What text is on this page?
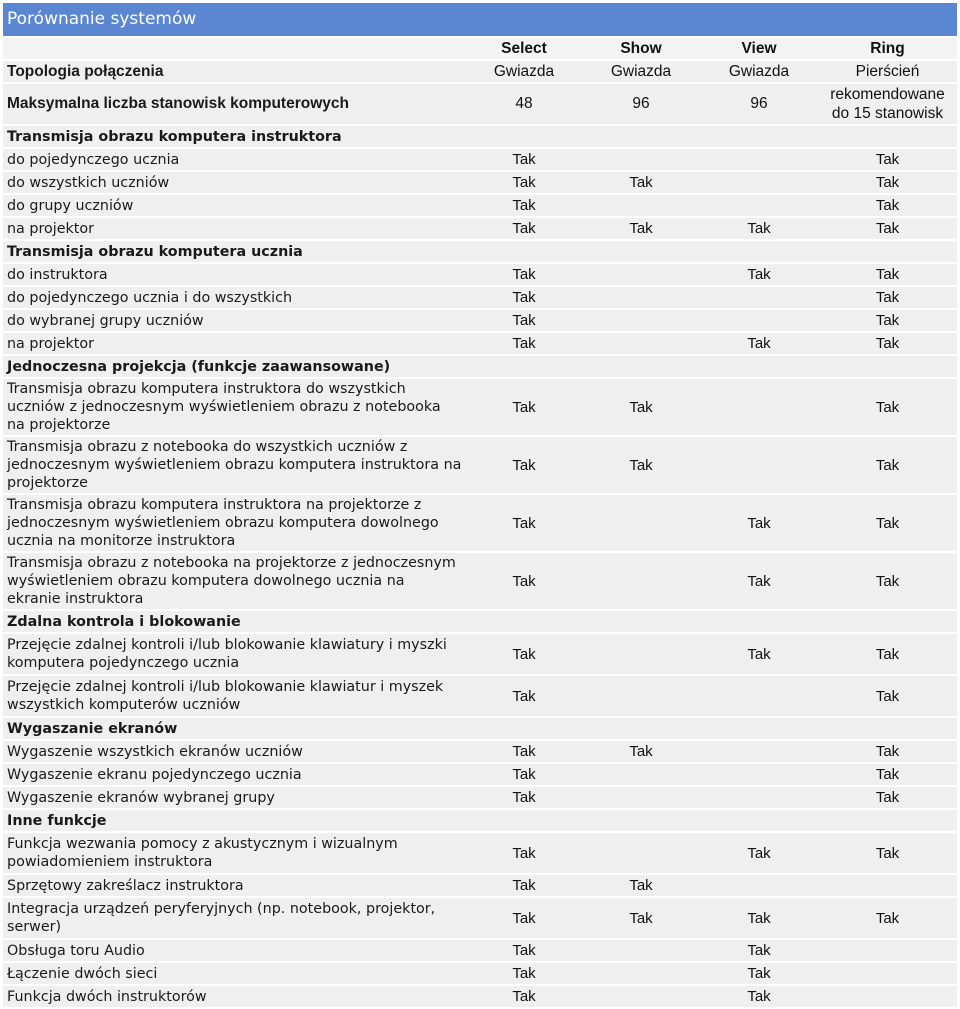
Porównanie systemów
	Select	Show	View	Ring
Topologia połączenia	Gwiazda	Gwiazda	Gwiazda	Pierścień
Maksymalna liczba stanowisk komputerowych	48	96	96	rekomendowane do 15 stanowisk
Transmisja obrazu komputera instruktora				
do pojedynczego ucznia	Tak			Tak
do wszystkich uczniów	Tak	Tak		Tak
do grupy uczniów	Tak			Tak
na projektor	Tak	Tak	Tak	Tak
Transmisja obrazu komputera ucznia				
do instruktora	Tak		Tak	Tak
do pojedynczego ucznia i do wszystkich	Tak			Tak
do wybranej grupy uczniów	Tak			Tak
na projektor	Tak		Tak	Tak
Jednoczesna projekcja (funkcje zaawansowane)				
Transmisja obrazu komputera instruktora do wszystkich uczniów z jednoczesnym wyświetleniem obrazu z notebooka na projektorze	Tak	Tak		Tak
Transmisja obrazu z notebooka do wszystkich uczniów z jednoczesnym wyświetleniem obrazu komputera instruktora na projektorze	Tak	Tak		Tak
Transmisja obrazu komputera instruktora na projektorze z jednoczesnym wyświetleniem obrazu komputera dowolnego ucznia na monitorze instruktora	Tak		Tak	Tak
Transmisja obrazu z notebooka na projektorze z jednoczesnym wyświetleniem obrazu komputera dowolnego ucznia na ekranie instruktora	Tak		Tak	Tak
Zdalna kontrola i blokowanie				
Przejęcie zdalnej kontroli i/lub blokowanie klawiatury i myszki komputera pojedynczego ucznia	Tak		Tak	Tak
Przejęcie zdalnej kontroli i/lub blokowanie klawiatur i myszek wszystkich komputerów uczniów	Tak			Tak
Wygaszanie ekranów				
Wygaszenie wszystkich ekranów uczniów	Tak	Tak		Tak
Wygaszenie ekranu pojedynczego ucznia	Tak			Tak
Wygaszenie ekranów wybranej grupy	Tak			Tak
Inne funkcje				
Funkcja wezwania pomocy z akustycznym i wizualnym powiadomieniem instruktora	Tak		Tak	Tak
Sprzętowy zakreślacz instruktora	Tak	Tak		
Integracja urządzeń peryferyjnych (np. notebook, projektor, serwer)	Tak	Tak	Tak	Tak
Obsługa toru Audio	Tak		Tak	
Łączenie dwóch sieci	Tak		Tak	
Funkcja dwóch instruktorów	Tak		Tak	
